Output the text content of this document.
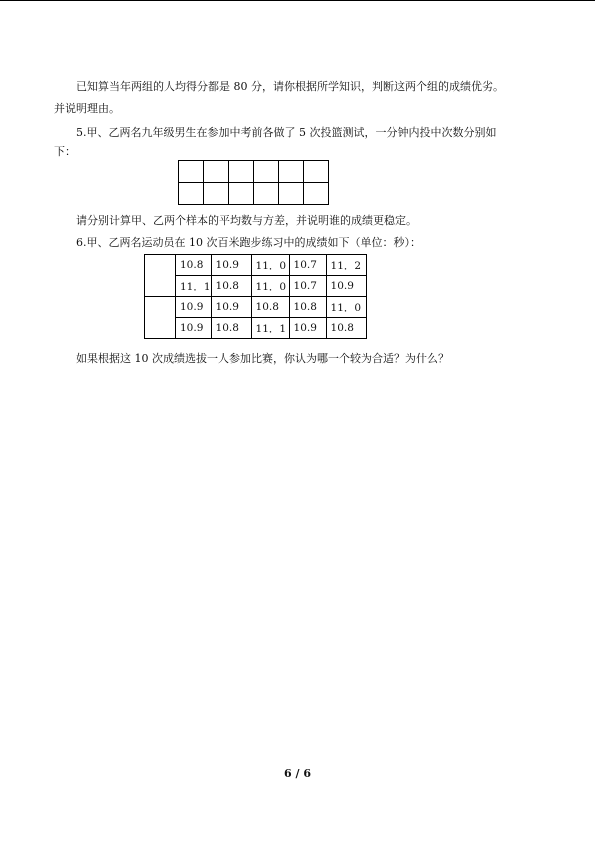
已知算当年两组的人均得分都是 80 分，请你根据所学知识，判断这两个组的成绩优劣。
并说明理由。
5.甲、乙两名九年级男生在参加中考前各做了 5 次投篮测试，一分钟内投中次数分别如
下：

请分别计算甲、乙两个样本的平均数与方差，并说明谁的成绩更稳定。
6.甲、乙两名运动员在 10 次百米跑步练习中的成绩如下（单位：秒）：
	10.8	10.9	11．0	10.7	11．2
	11．1	10.8	11．0	10.7	10.9
	10.9	10.9	10.8	10.8	11．0
	10.9	10.8	11．1	10.9	10.8
如果根据这 10 次成绩选拔一人参加比赛，你认为哪一个较为合适？为什么？
6 / 6
